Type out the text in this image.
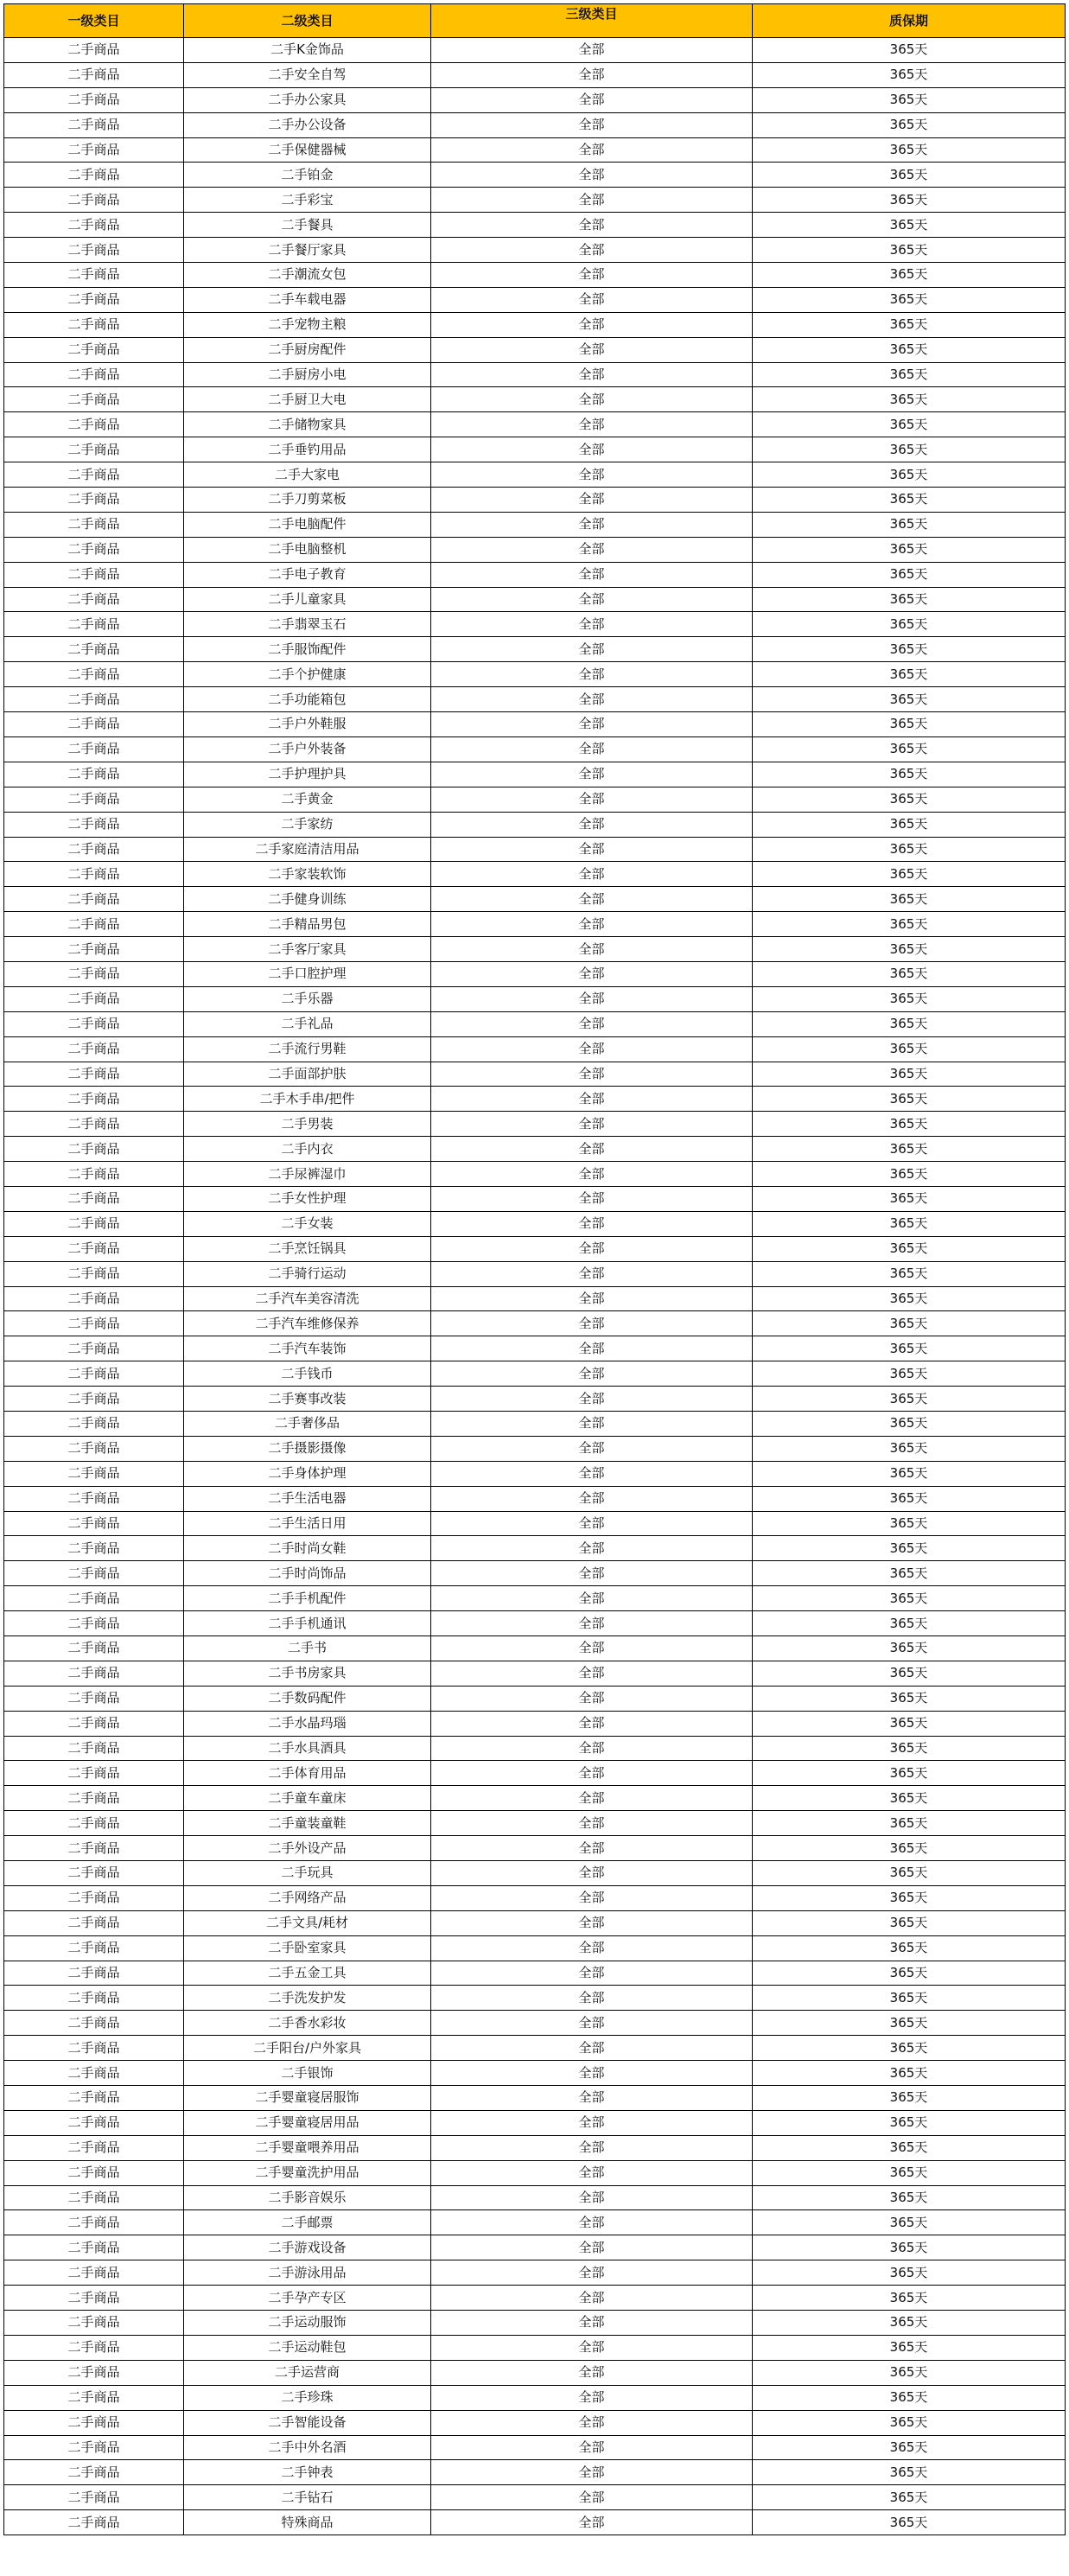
一级类目	二级类目	三级类目	质保期
二手商品	二手K金饰品	全部	365天
二手商品	二手安全自驾	全部	365天
二手商品	二手办公家具	全部	365天
二手商品	二手办公设备	全部	365天
二手商品	二手保健器械	全部	365天
二手商品	二手铂金	全部	365天
二手商品	二手彩宝	全部	365天
二手商品	二手餐具	全部	365天
二手商品	二手餐厅家具	全部	365天
二手商品	二手潮流女包	全部	365天
二手商品	二手车载电器	全部	365天
二手商品	二手宠物主粮	全部	365天
二手商品	二手厨房配件	全部	365天
二手商品	二手厨房小电	全部	365天
二手商品	二手厨卫大电	全部	365天
二手商品	二手储物家具	全部	365天
二手商品	二手垂钓用品	全部	365天
二手商品	二手大家电	全部	365天
二手商品	二手刀剪菜板	全部	365天
二手商品	二手电脑配件	全部	365天
二手商品	二手电脑整机	全部	365天
二手商品	二手电子教育	全部	365天
二手商品	二手儿童家具	全部	365天
二手商品	二手翡翠玉石	全部	365天
二手商品	二手服饰配件	全部	365天
二手商品	二手个护健康	全部	365天
二手商品	二手功能箱包	全部	365天
二手商品	二手户外鞋服	全部	365天
二手商品	二手户外装备	全部	365天
二手商品	二手护理护具	全部	365天
二手商品	二手黄金	全部	365天
二手商品	二手家纺	全部	365天
二手商品	二手家庭清洁用品	全部	365天
二手商品	二手家装软饰	全部	365天
二手商品	二手健身训练	全部	365天
二手商品	二手精品男包	全部	365天
二手商品	二手客厅家具	全部	365天
二手商品	二手口腔护理	全部	365天
二手商品	二手乐器	全部	365天
二手商品	二手礼品	全部	365天
二手商品	二手流行男鞋	全部	365天
二手商品	二手面部护肤	全部	365天
二手商品	二手木手串/把件	全部	365天
二手商品	二手男装	全部	365天
二手商品	二手内衣	全部	365天
二手商品	二手尿裤湿巾	全部	365天
二手商品	二手女性护理	全部	365天
二手商品	二手女装	全部	365天
二手商品	二手烹饪锅具	全部	365天
二手商品	二手骑行运动	全部	365天
二手商品	二手汽车美容清洗	全部	365天
二手商品	二手汽车维修保养	全部	365天
二手商品	二手汽车装饰	全部	365天
二手商品	二手钱币	全部	365天
二手商品	二手赛事改装	全部	365天
二手商品	二手奢侈品	全部	365天
二手商品	二手摄影摄像	全部	365天
二手商品	二手身体护理	全部	365天
二手商品	二手生活电器	全部	365天
二手商品	二手生活日用	全部	365天
二手商品	二手时尚女鞋	全部	365天
二手商品	二手时尚饰品	全部	365天
二手商品	二手手机配件	全部	365天
二手商品	二手手机通讯	全部	365天
二手商品	二手书	全部	365天
二手商品	二手书房家具	全部	365天
二手商品	二手数码配件	全部	365天
二手商品	二手水晶玛瑙	全部	365天
二手商品	二手水具酒具	全部	365天
二手商品	二手体育用品	全部	365天
二手商品	二手童车童床	全部	365天
二手商品	二手童装童鞋	全部	365天
二手商品	二手外设产品	全部	365天
二手商品	二手玩具	全部	365天
二手商品	二手网络产品	全部	365天
二手商品	二手文具/耗材	全部	365天
二手商品	二手卧室家具	全部	365天
二手商品	二手五金工具	全部	365天
二手商品	二手洗发护发	全部	365天
二手商品	二手香水彩妆	全部	365天
二手商品	二手阳台/户外家具	全部	365天
二手商品	二手银饰	全部	365天
二手商品	二手婴童寝居服饰	全部	365天
二手商品	二手婴童寝居用品	全部	365天
二手商品	二手婴童喂养用品	全部	365天
二手商品	二手婴童洗护用品	全部	365天
二手商品	二手影音娱乐	全部	365天
二手商品	二手邮票	全部	365天
二手商品	二手游戏设备	全部	365天
二手商品	二手游泳用品	全部	365天
二手商品	二手孕产专区	全部	365天
二手商品	二手运动服饰	全部	365天
二手商品	二手运动鞋包	全部	365天
二手商品	二手运营商	全部	365天
二手商品	二手珍珠	全部	365天
二手商品	二手智能设备	全部	365天
二手商品	二手中外名酒	全部	365天
二手商品	二手钟表	全部	365天
二手商品	二手钻石	全部	365天
二手商品	特殊商品	全部	365天
